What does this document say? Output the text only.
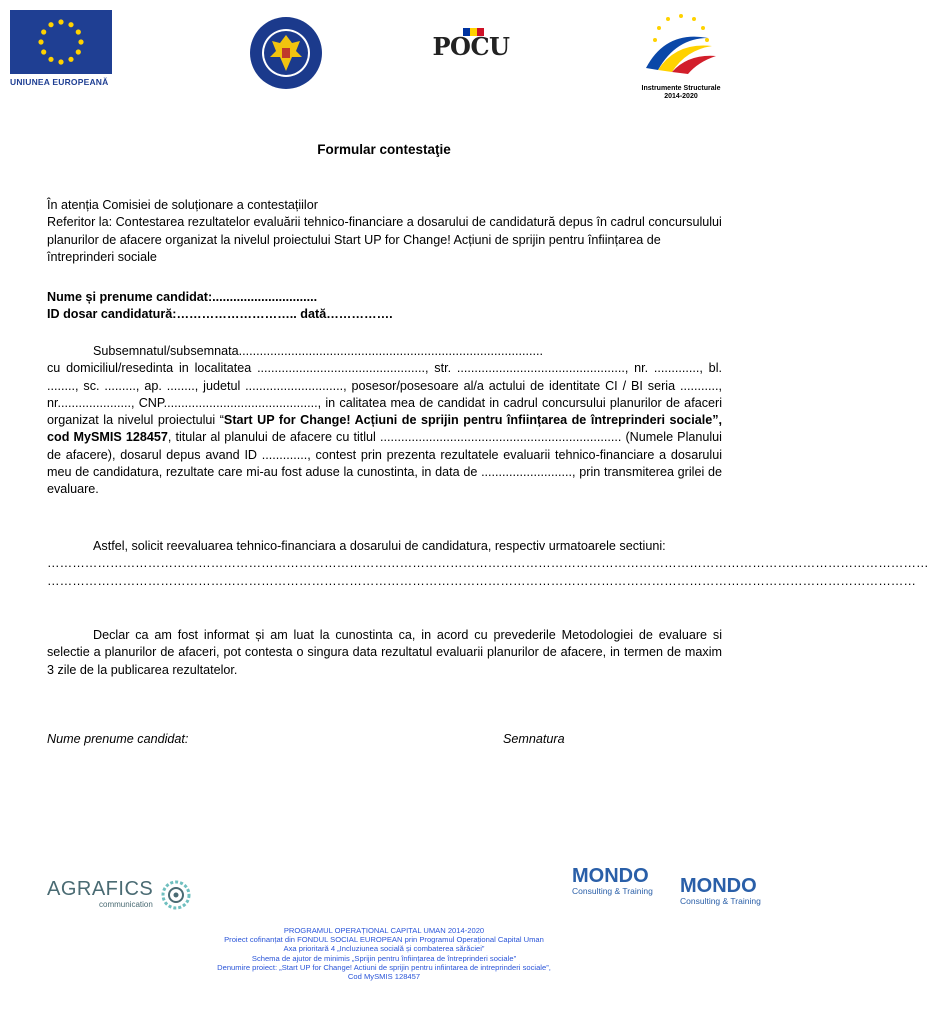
UNIUNEA EUROPEANĂ
POCU
Instrumente Structurale
2014-2020
Formular contestaţie
În atenția Comisiei de soluționare a contestațiilor
Referitor la: Contestarea rezultatelor evaluării tehnico-financiare a dosarului de candidatură depus în cadrul concursulului planurilor de afacere organizat la nivelul proiectului Start UP for Change! Acțiuni de sprijin pentru înființarea de întreprinderi sociale
Nume și prenume candidat:..............................
ID dosar candidatură:……………………….. dată…………….
Subsemnatul/subsemnata.......................................................................................
cu domiciliul/resedinta in localitatea ................................................, str. ................................................, nr. ............., bl. ........, sc. ........., ap. ........, judetul ............................, posesor/posesoare al/a actului de identitate CI / BI seria ..........., nr....................., CNP............................................, in calitatea mea de candidat in cadrul concursului planurilor de afaceri organizat la nivelul proiectului “Start UP for Change! Acțiuni de sprijin pentru înființarea de întreprinderi sociale”, cod MySMIS 128457, titular al planului de afacere cu titlul ..................................................................... (Numele Planului de afacere), dosarul depus avand ID ............., contest prin prezenta rezultatele evaluarii tehnico-financiare a dosarului meu de candidatura, rezultate care mi-au fost aduse la cunostinta, in data de .........................., prin transmiterea grilei de evaluare.
Astfel, solicit reevaluarea tehnico-financiara a dosarului de candidatura, respectiv urmatoarele sectiuni:
…………………………………………………………………………………………………………………………………………………………………………………………
………………………………………………………………………………………………………………………………………………………………………………………
Declar ca am fost informat și am luat la cunostinta ca, in acord cu prevederile Metodologiei de evaluare si selectie a planurilor de afaceri, pot contesta o singura data rezultatul evaluarii planurilor de afacere, in termen de maxim 3 zile de la publicarea rezultatelor.
Nume prenume candidat:	Semnatura
AGRAFICS
communication
MONDO
Consulting & Training	MONDO
Consulting & Training
PROGRAMUL OPERAȚIONAL CAPITAL UMAN 2014-2020
Proiect cofinanțat din FONDUL SOCIAL EUROPEAN prin Programul Operațional Capital Uman
Axa prioritară 4 „Incluziunea socială și combaterea sărăciei”
Schema de ajutor de minimis „Sprijin pentru înființarea de întreprinderi sociale”
Denumire proiect: „Start UP for Change! Actiuni de sprijin pentru infiintarea de intreprinderi sociale”,
Cod MySMIS 128457
